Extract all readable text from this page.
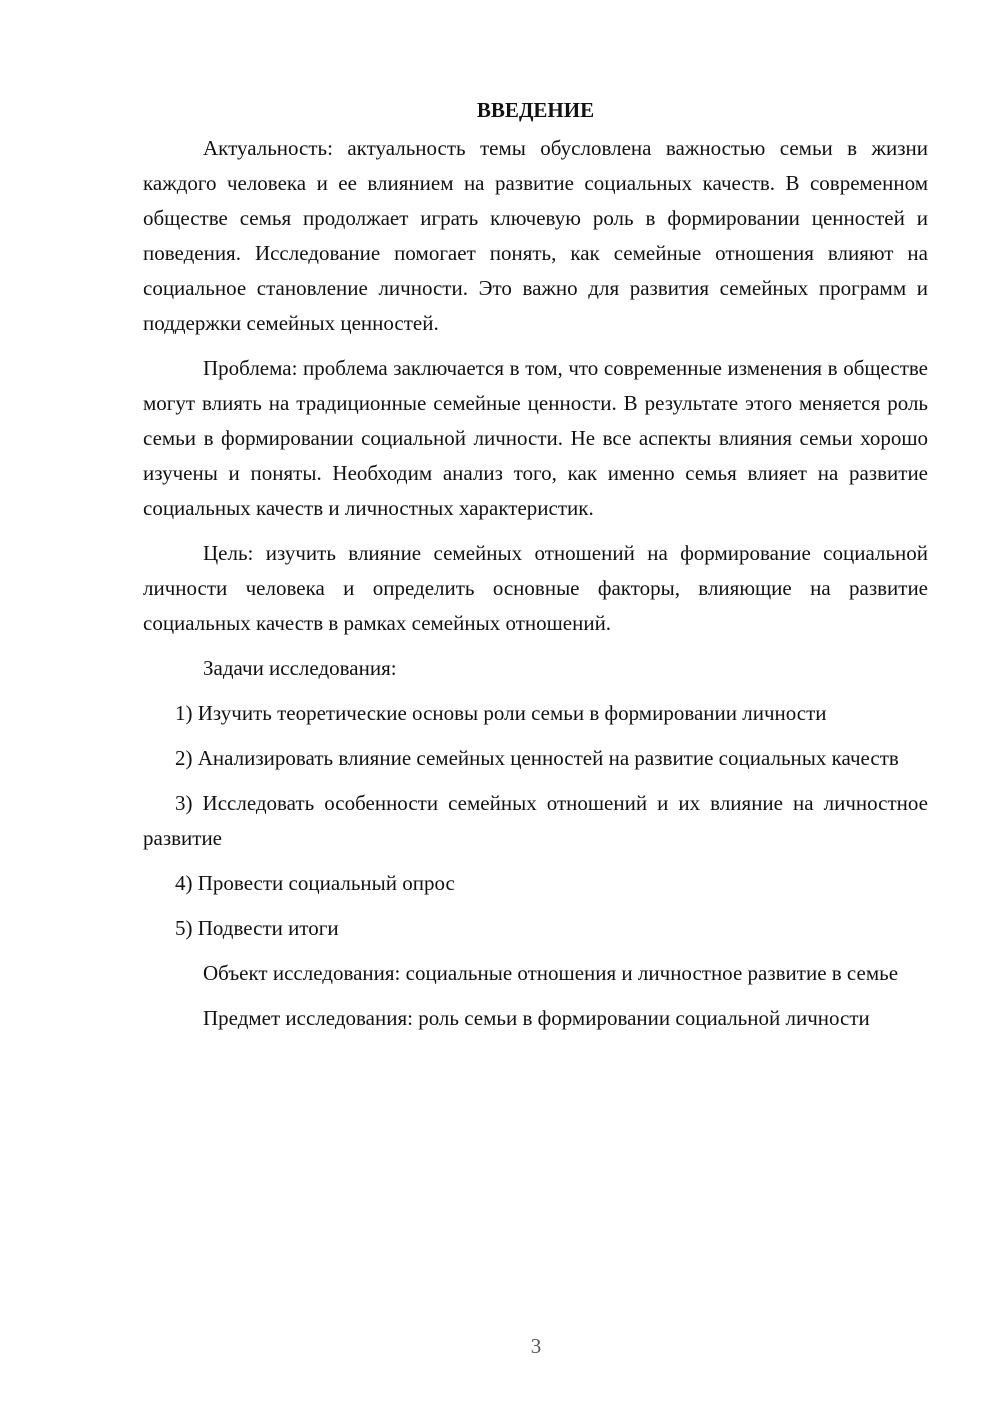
ВВЕДЕНИЕ

Актуальность: актуальность темы обусловлена важностью семьи в жизни каждого человека и ее влиянием на развитие социальных качеств. В современном обществе семья продолжает играть ключевую роль в формировании ценностей и поведения. Исследование помогает понять, как семейные отношения влияют на социальное становление личности. Это важно для развития семейных программ и поддержки семейных ценностей.

Проблема: проблема заключается в том, что современные изменения в обществе могут влиять на традиционные семейные ценности. В результате этого меняется роль семьи в формировании социальной личности. Не все аспекты влияния семьи хорошо изучены и поняты. Необходим анализ того, как именно семья влияет на развитие социальных качеств и личностных характеристик.

Цель: изучить влияние семейных отношений на формирование социальной личности человека и определить основные факторы, влияющие на развитие социальных качеств в рамках семейных отношений.

Задачи исследования:

1) Изучить теоретические основы роли семьи в формировании личности

2) Анализировать влияние семейных ценностей на развитие социальных качеств

3) Исследовать особенности семейных отношений и их влияние на личностное развитие

4) Провести социальный опрос

5) Подвести итоги

Объект исследования: социальные отношения и личностное развитие в семье

Предмет исследования: роль семьи в формировании социальной личности

3
